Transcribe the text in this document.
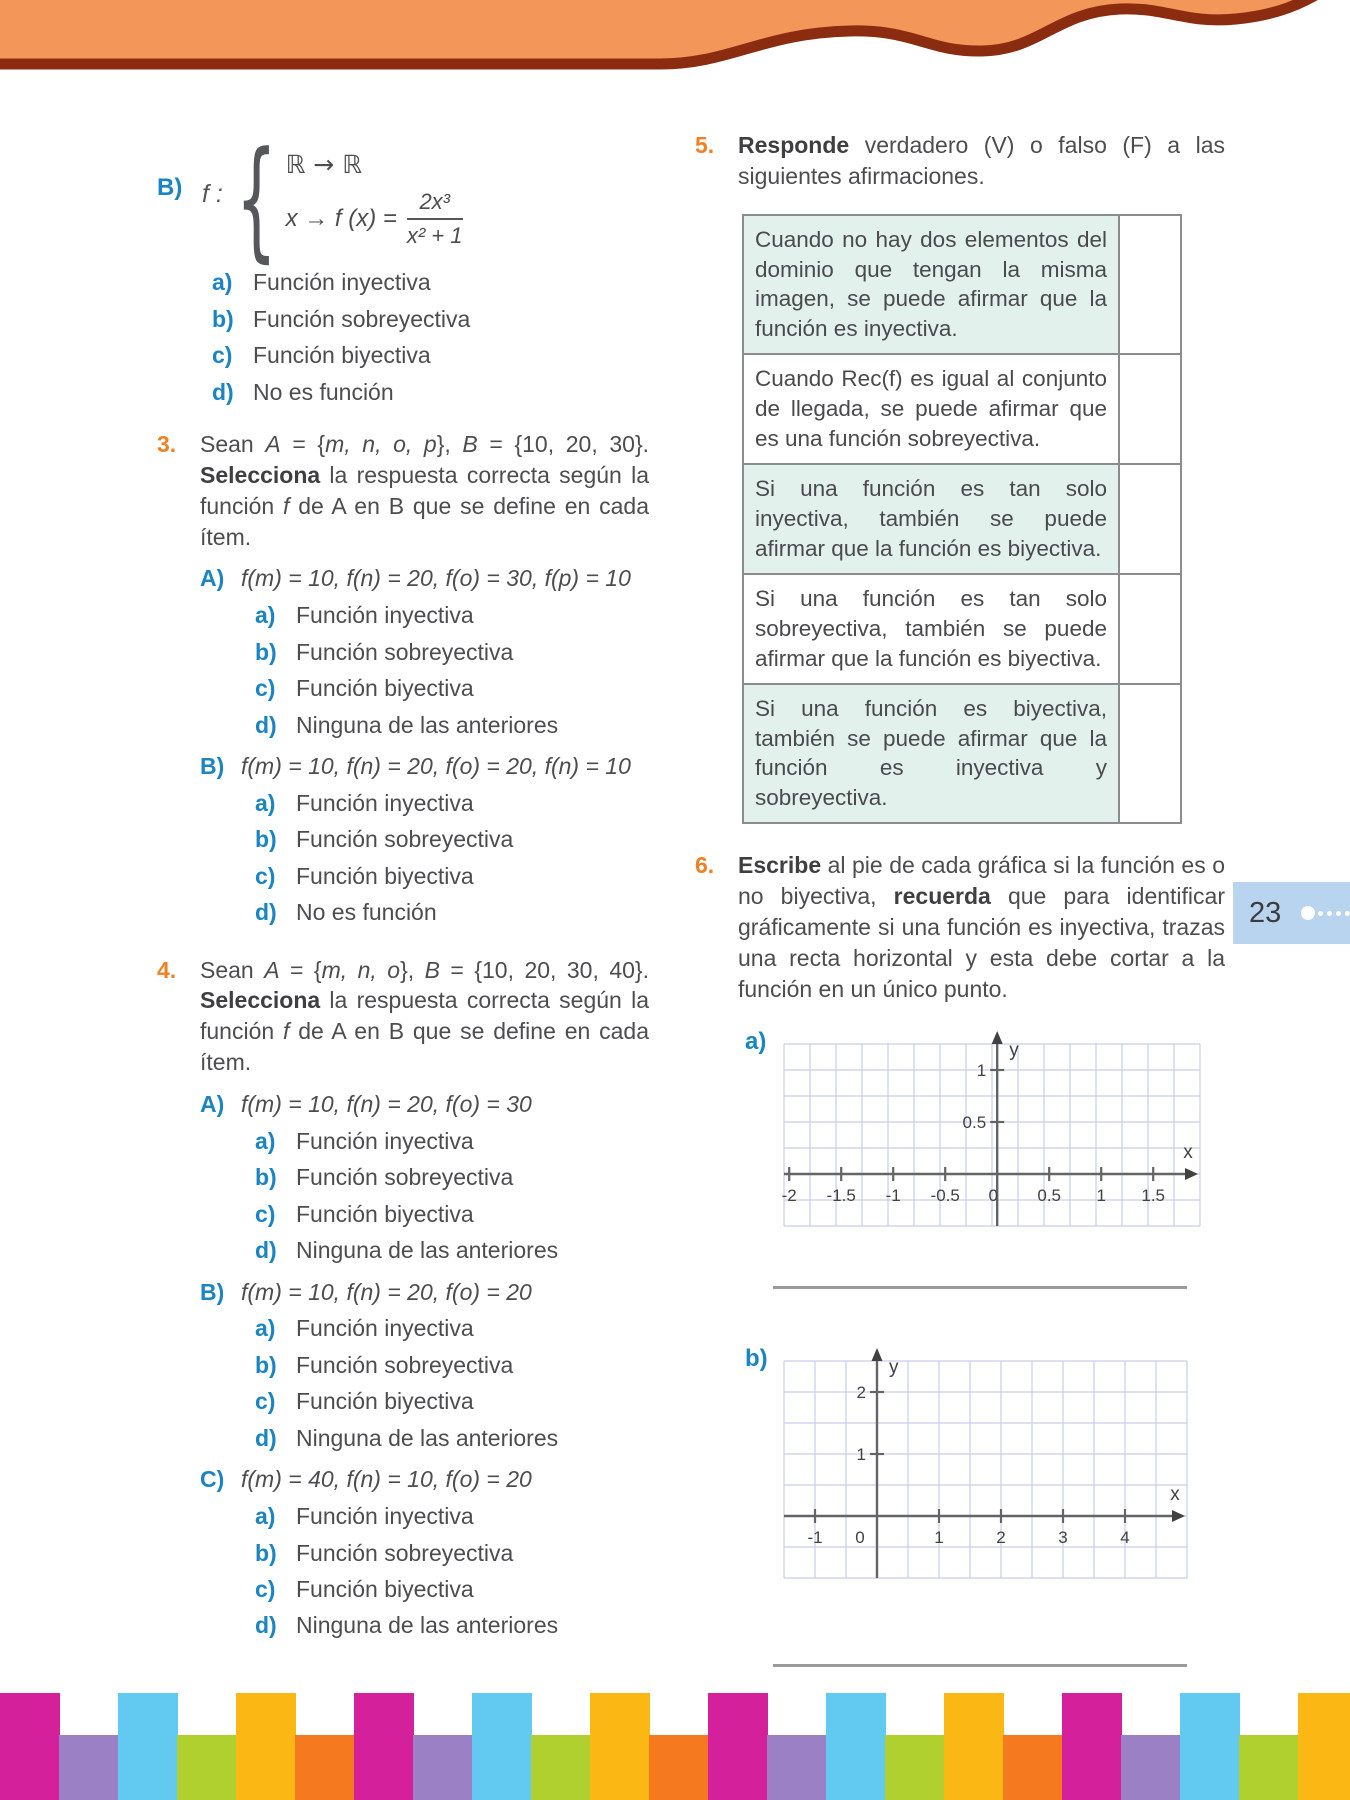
B) f : { ℝ → ℝ
x → f $(x) = \frac{\text{2x³}}{\text{x² + 1}}$
a) Función inyectiva
b) Función sobreyectiva
c) Función biyectiva
d) No es función
3.	Sean A = {m, n, o, p}, B = {10, 20, 30}. Selecciona la respuesta correcta según la función f de A en B que se define en cada ítem.
A) f(m) = 10, f(n) = 20, f(o) = 30, f(p) = 10
a) Función inyectiva
b) Función sobreyectiva
c) Función biyectiva
d) Ninguna de las anteriores
B) f(m) = 10, f(n) = 20, f(o) = 20, f(n) = 10
a) Función inyectiva
b) Función sobreyectiva
c) Función biyectiva
d) No es función
4.	Sean A = {m, n, o}, B = {10, 20, 30, 40}. Selecciona la respuesta correcta según la función f de A en B que se define en cada ítem.
A) f(m) = 10, f(n) = 20, f(o) = 30
a) Función inyectiva
b) Función sobreyectiva
c) Función biyectiva
d) Ninguna de las anteriores
B) f(m) = 10, f(n) = 20, f(o) = 20
a) Función inyectiva
b) Función sobreyectiva
c) Función biyectiva
d) Ninguna de las anteriores
C) f(m) = 40, f(n) = 10, f(o) = 20
a) Función inyectiva
b) Función sobreyectiva
c) Función biyectiva
d) Ninguna de las anteriores
5.	Responde verdadero (V) o falso (F) a las siguientes afirmaciones.
Cuando no hay dos elementos del dominio que tengan la misma imagen, se puede afirmar que la función es inyectiva.	
Cuando Rec(f) es igual al conjunto de llegada, se puede afirmar que es una función sobreyectiva.	
Si una función es tan solo inyectiva, también se puede afirmar que la función es biyectiva.	
Si una función es tan solo sobreyectiva, también se puede afirmar que la función es biyectiva.	
Si una función es biyectiva, también se puede afirmar que la función es inyectiva y sobreyectiva.	
6.	Escribe al pie de cada gráfica si la función es o no biyectiva, recuerda que para identificar gráficamente si una función es inyectiva, trazas una recta horizontal y esta debe cortar a la función en un único punto.
a)
x
y
-2 -1.5 -1 -0.5 0 0.5 1 1.5
0.5
1
b)
x
y
-1 0	1	2	3	4
1
2
23
